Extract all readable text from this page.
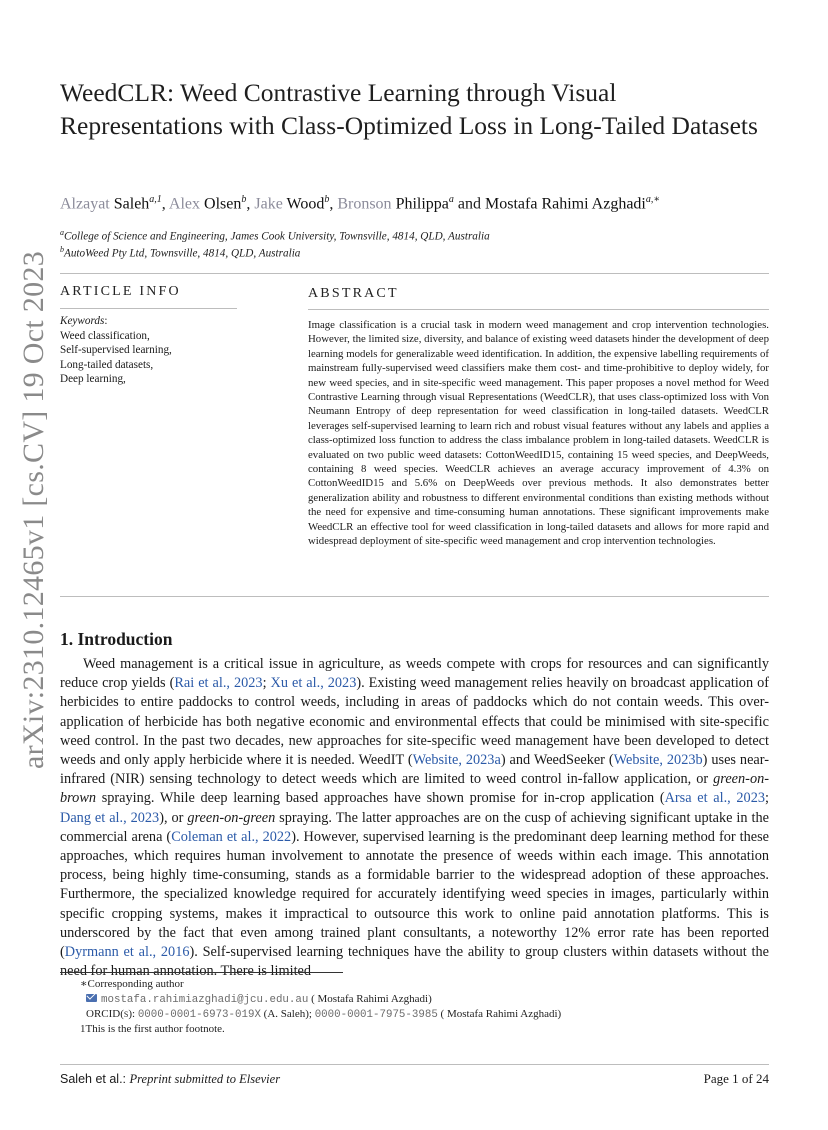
arXiv:2310.12465v1 [cs.CV] 19 Oct 2023
WeedCLR: Weed Contrastive Learning through Visual Representations with Class-Optimized Loss in Long-Tailed Datasets
Alzayat Saleh$^{a,1}$, Alex Olsen$^b$, Jake Wood$^b$, Bronson Philippa$^a$ and Mostafa Rahimi Azghadi$^{a,∗}$
$^a$College of Science and Engineering, James Cook University, Townsville, 4814, QLD, Australia
$^b$AutoWeed Pty Ltd, Townsville, 4814, QLD, Australia
ARTICLE INFO
Keywords:
Weed classification,
Self-supervised learning,
Long-tailed datasets,
Deep learning,
ABSTRACT
Image classification is a crucial task in modern weed management and crop intervention technologies. However, the limited size, diversity, and balance of existing weed datasets hinder the development of deep learning models for generalizable weed identification. In addition, the expensive labelling requirements of mainstream fully-supervised weed classifiers make them cost- and time-prohibitive to deploy widely, for new weed species, and in site-specific weed management. This paper proposes a novel method for Weed Contrastive Learning through visual Representations (WeedCLR), that uses class-optimized loss with Von Neumann Entropy of deep representation for weed classification in long-tailed datasets. WeedCLR leverages self-supervised learning to learn rich and robust visual features without any labels and applies a class-optimized loss function to address the class imbalance problem in long-tailed datasets. WeedCLR is evaluated on two public weed datasets: CottonWeedID15, containing 15 weed species, and DeepWeeds, containing 8 weed species. WeedCLR achieves an average accuracy improvement of 4.3% on CottonWeedID15 and 5.6% on DeepWeeds over previous methods. It also demonstrates better generalization ability and robustness to different environmental conditions than existing methods without the need for expensive and time-consuming human annotations. These significant improvements make WeedCLR an effective tool for weed classification in long-tailed datasets and allows for more rapid and widespread deployment of site-specific weed management and crop intervention technologies.
1. Introduction
Weed management is a critical issue in agriculture, as weeds compete with crops for resources and can significantly reduce crop yields (Rai et al., 2023; Xu et al., 2023). Existing weed management relies heavily on broadcast application of herbicides to entire paddocks to control weeds, including in areas of paddocks which do not contain weeds. This over-application of herbicide has both negative economic and environmental effects that could be minimised with site-specific weed control. In the past two decades, new approaches for site-specific weed management have been developed to detect weeds and only apply herbicide where it is needed. WeedIT (Website, 2023a) and WeedSeeker (Website, 2023b) uses near-infrared (NIR) sensing technology to detect weeds which are limited to weed control in-fallow application, or green-on-brown spraying. While deep learning based approaches have shown promise for in-crop application (Arsa et al., 2023; Dang et al., 2023), or green-on-green spraying. The latter approaches are on the cusp of achieving significant uptake in the commercial arena (Coleman et al., 2022). However, supervised learning is the predominant deep learning method for these approaches, which requires human involvement to annotate the presence of weeds within each image. This annotation process, being highly time-consuming, stands as a formidable barrier to the widespread adoption of these approaches. Furthermore, the specialized knowledge required for accurately identifying weed species in images, particularly within specific cropping systems, makes it impractical to outsource this work to online paid annotation platforms. This is underscored by the fact that even among trained plant consultants, a noteworthy 12% error rate has been reported (Dyrmann et al., 2016). Self-supervised learning techniques have the ability to group clusters within datasets without the need for human annotation. There is limited
∗Corresponding author
mostafa.rahimiazghadi@jcu.edu.au ( Mostafa Rahimi Azghadi)
ORCID(s): 0000-0001-6973-019X (A. Saleh); 0000-0001-7975-3985 ( Mostafa Rahimi Azghadi)
1This is the first author footnote.
Saleh et al.: Preprint submitted to Elsevier	Page 1 of 24
